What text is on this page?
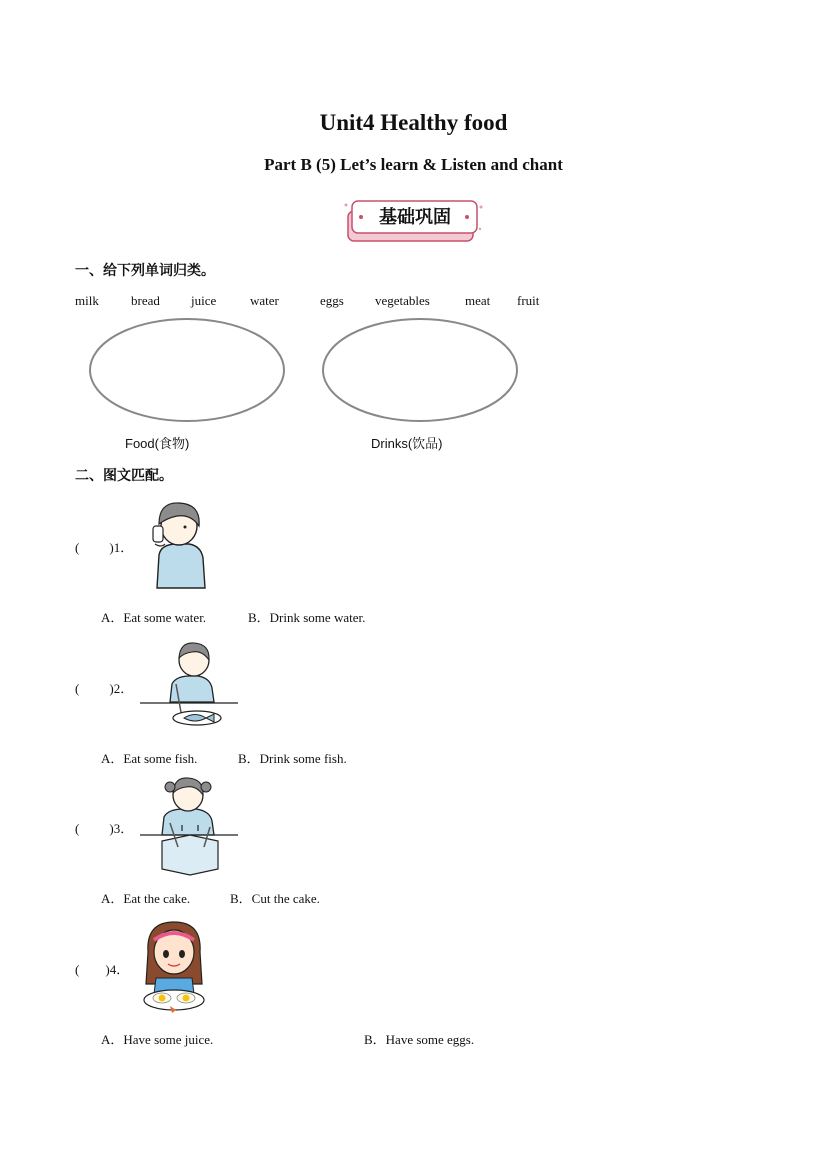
Unit4 Healthy food
Part B (5) Let’s learn & Listen and chant
基础巩固
一、给下列单词归类。
milk bread juice	water	eggs vegetables	meat fruit
Food(食物)	Drinks(饮品)
二、图文匹配。
( )1．
A．Eat some water.	B．Drink some water.
( )2．
A．Eat some fish.	B．Drink some fish.
( )3．
A．Eat the cake.	B．Cut the cake.
( )4．
A．Have some juice.	B．Have some eggs.
